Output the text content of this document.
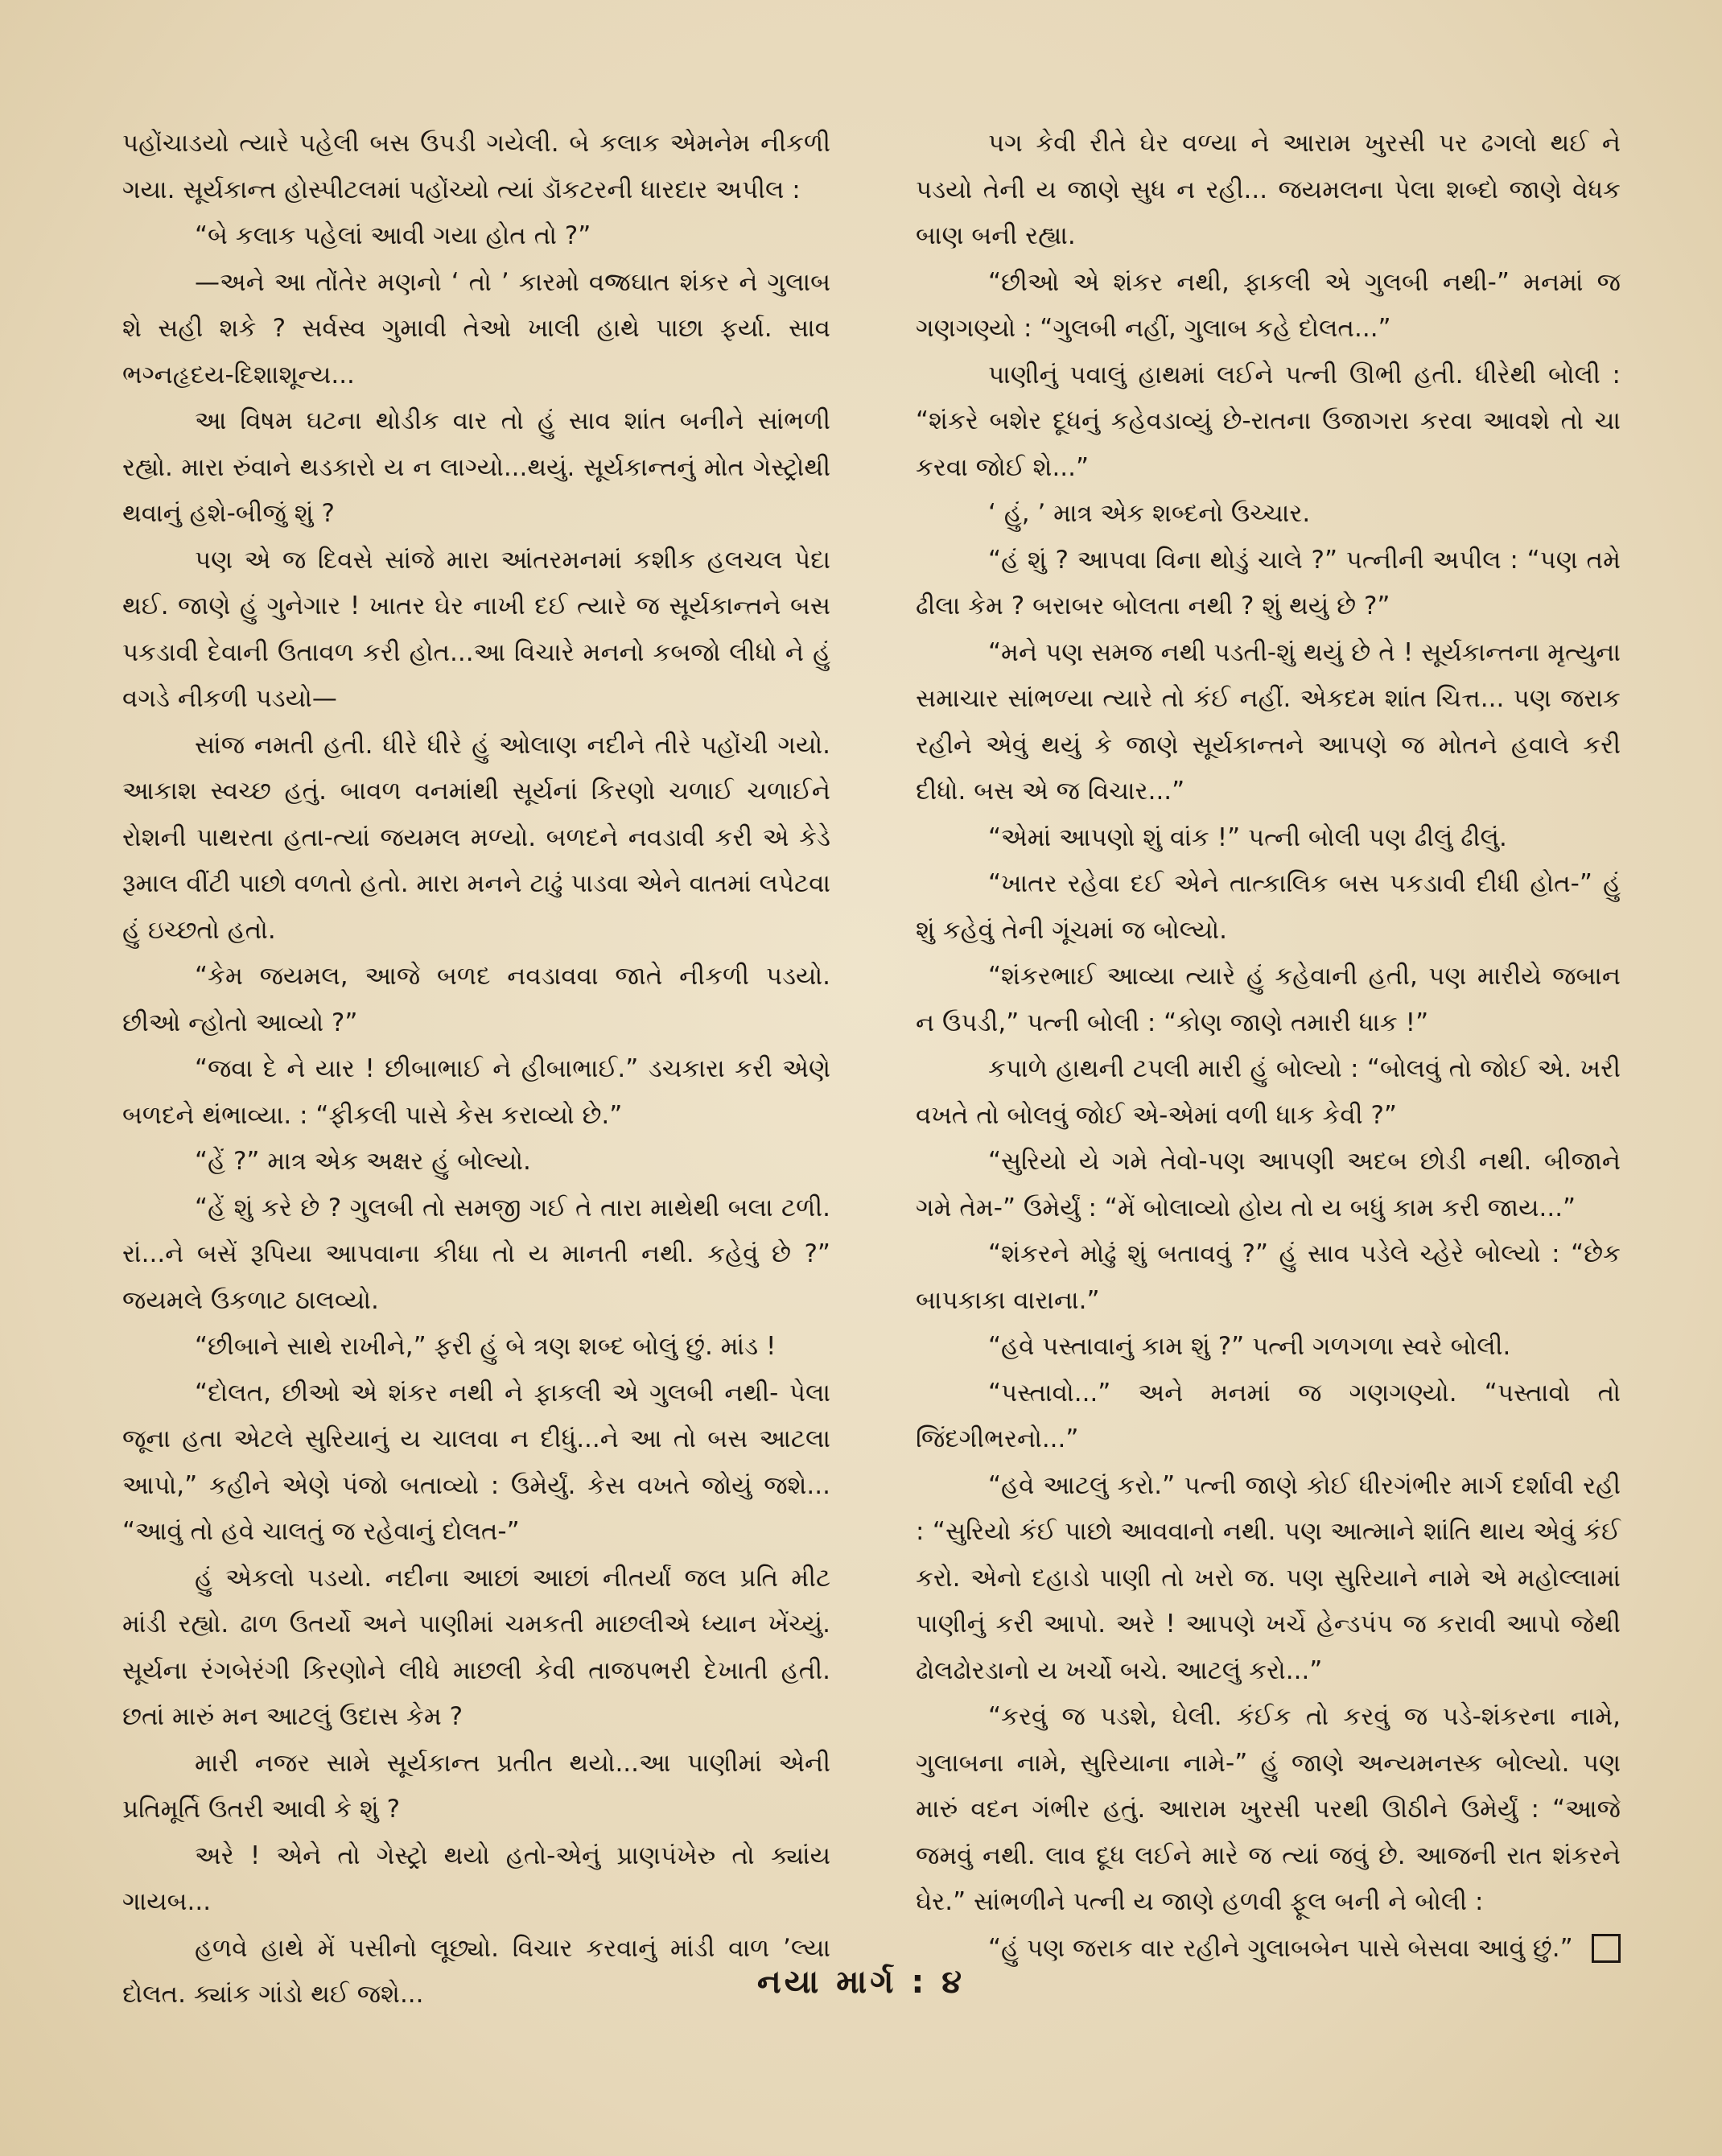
પહોંચાડયો ત્યારે પહેલી બસ ઉપડી ગયેલી. બે કલાક એમનેમ નીકળી ગયા. સૂર્યકાન્ત હોસ્પીટલમાં પહોંચ્યો ત્યાં ડૉકટરની ધારદાર અપીલ :

“બે કલાક પહેલાં આવી ગયા હોત તો ?”

—અને આ તોંતેર મણનો ‘ તો ’ કારમો વજ્રઘાત શંકર ને ગુલાબ શે સહી શકે ? સર્વસ્વ ગુમાવી તેઓ ખાલી હાથે પાછા ફર્યા. સાવ ભગ્નહૃદય-દિશાશૂન્ય...

આ વિષમ ઘટના થોડીક વાર તો હું સાવ શાંત બનીને સાંભળી રહ્યો. મારા રુંવાને થડકારો ય ન લાગ્યો...થયું. સૂર્યકાન્તનું મોત ગેસ્ટ્રોથી થવાનું હશે-બીજું શું ?

પણ એ જ દિવસે સાંજે મારા આંતરમનમાં કશીક હલચલ પેદા થઈ. જાણે હું ગુનેગાર ! ખાતર ઘેર નાખી દઈ ત્યારે જ સૂર્યકાન્તને બસ પકડાવી દેવાની ઉતાવળ કરી હોત...આ વિચારે મનનો કબજો લીધો ને હું વગડે નીકળી પડયો—

સાંજ નમતી હતી. ધીરે ધીરે હું ઓલાણ નદીને તીરે પહોંચી ગયો. આકાશ સ્વચ્છ હતું. બાવળ વનમાંથી સૂર્યનાં કિરણો ચળાઈ ચળાઈને રોશની પાથરતા હતા-ત્યાં જયમલ મળ્યો. બળદને નવડાવી કરી એ કેડે રૂમાલ વીંટી પાછો વળતો હતો. મારા મનને ટાઢું પાડવા એને વાતમાં લપેટવા હું ઇચ્છતો હતો.

“કેમ જયમલ, આજે બળદ નવડાવવા જાતે નીકળી પડયો. છીઓ ન્હોતો આવ્યો ?”

“જવા દે ને યાર ! છીબાભાઈ ને હીબાભાઈ.” ડચકારા કરી એણે બળદને થંભાવ્યા. : “ફીકલી પાસે કેસ કરાવ્યો છે.”

“હેં ?” માત્ર એક અક્ષર હું બોલ્યો.

“હેં શું કરે છે ? ગુલબી તો સમજી ગઈ તે તારા માથેથી બલા ટળી. રાં...ને બસેં રૂપિયા આપવાના કીધા તો ય માનતી નથી. કહેવું છે ?” જયમલે ઉકળાટ ઠાલવ્યો.

“છીબાને સાથે રાખીને,” ફરી હું બે ત્રણ શબ્દ બોલું છું. માંડ !

“દોલત, છીઓ એ શંકર નથી ને ફાકલી એ ગુલબી નથી- પેલા જૂના હતા એટલે સુરિયાનું ય ચાલવા ન દીધું...ને આ તો બસ આટલા આપો,” કહીને એણે પંજો બતાવ્યો : ઉમેર્યું. કેસ વખતે જોયું જશે... “આવું તો હવે ચાલતું જ રહેવાનું દોલત-”

હું એકલો પડયો. નદીના આછાં આછાં નીતર્યાં જલ પ્રતિ મીટ માંડી રહ્યો. ઢાળ ઉતર્યો અને પાણીમાં ચમકતી માછલીએ ધ્યાન ખેંચ્યું. સૂર્યના રંગબેરંગી કિરણોને લીધે માછલી કેવી તાજપભરી દેખાતી હતી. છતાં મારું મન આટલું ઉદાસ કેમ ?

મારી નજર સામે સૂર્યકાન્ત પ્રતીત થયો...આ પાણીમાં એની પ્રતિમૂર્તિ ઉતરી આવી કે શું ?

અરે ! એને તો ગેસ્ટ્રો થયો હતો-એનું પ્રાણપંખેરુ તો ક્યાંય ગાયબ...

હળવે હાથે મેં પસીનો લૂછ્યો. વિચાર કરવાનું માંડી વાળ ’લ્યા દોલત. ક્યાંક ગાંડો થઈ જશે...

પગ કેવી રીતે ઘેર વળ્યા ને આરામ ખુરસી પર ઢગલો થઈ ને પડયો તેની ય જાણે સુધ ન રહી... જયમલના પેલા શબ્દો જાણે વેધક બાણ બની રહ્યા.

“છીઓ એ શંકર નથી, ફાકલી એ ગુલબી નથી-” મનમાં જ ગણગણ્યો : “ગુલબી નહીં, ગુલાબ કહે દોલત...”

પાણીનું પવાલું હાથમાં લઈને પત્ની ઊભી હતી. ધીરેથી બોલી : “શંકરે બશેર દૂધનું કહેવડાવ્યું છે-રાતના ઉજાગરા કરવા આવશે તો ચા કરવા જોઈ શે...”

‘ હું, ’ માત્ર એક શબ્દનો ઉચ્ચાર.

“હં શું ? આપવા વિના થોડું ચાલે ?” પત્નીની અપીલ : “પણ તમે ઢીલા કેમ ? બરાબર બોલતા નથી ? શું થયું છે ?”

“મને પણ સમજ નથી પડતી-શું થયું છે તે ! સૂર્યકાન્તના મૃત્યુના સમાચાર સાંભળ્યા ત્યારે તો કંઈ નહીં. એકદમ શાંત ચિત્ત... પણ જરાક રહીને એવું થયું કે જાણે સૂર્યકાન્તને આપણે જ મોતને હવાલે કરી દીધો. બસ એ જ વિચાર...”

“એમાં આપણો શું વાંક !” પત્ની બોલી પણ ઢીલું ઢીલું.

“ખાતર રહેવા દઈ એને તાત્કાલિક બસ પકડાવી દીધી હોત-” હું શું કહેવું તેની ગૂંચમાં જ બોલ્યો.

“શંકરભાઈ આવ્યા ત્યારે હું કહેવાની હતી, પણ મારીયે જબાન ન ઉપડી,” પત્ની બોલી : “કોણ જાણે તમારી ધાક !”

કપાળે હાથની ટપલી મારી હું બોલ્યો : “બોલવું તો જોઈ એ. ખરી વખતે તો બોલવું જોઈ એ-એમાં વળી ધાક કેવી ?”

“સુરિયો યે ગમે તેવો-પણ આપણી અદબ છોડી નથી. બીજાને ગમે તેમ-” ઉમેર્યું : “મેં બોલાવ્યો હોય તો ય બધું કામ કરી જાય...”

“શંકરને મોઢું શું બતાવવું ?” હું સાવ પડેલે ચ્હેરે બોલ્યો : “છેક બાપકાકા વારાના.”

“હવે પસ્તાવાનું કામ શું ?” પત્ની ગળગળા સ્વરે બોલી.

“પસ્તાવો...” અને મનમાં જ ગણગણ્યો. “પસ્તાવો તો જિંદગીભરનો...”

“હવે આટલું કરો.” પત્ની જાણે કોઈ ધીરગંભીર માર્ગ દર્શાવી રહી : “સુરિયો કંઈ પાછો આવવાનો નથી. પણ આત્માને શાંતિ થાય એવું કંઈ કરો. એનો દહાડો પાણી તો ખરો જ. પણ સુરિયાને નામે એ મહોલ્લામાં પાણીનું કરી આપો. અરે ! આપણે ખર્ચે હેન્ડપંપ જ કરાવી આપો જેથી ઢોલઢોરડાનો ય ખર્ચો બચે. આટલું કરો...”

“કરવું જ પડશે, ઘેલી. કંઈક તો કરવું જ પડે-શંકરના નામે, ગુલાબના નામે, સુરિયાના નામે-” હું જાણે અન્યમનસ્ક બોલ્યો. પણ મારું વદન ગંભીર હતું. આરામ ખુરસી પરથી ઊઠીને ઉમેર્યું : “આજે જમવું નથી. લાવ દૂધ લઈને મારે જ ત્યાં જવું છે. આજની રાત શંકરને ઘેર.” સાંભળીને પત્ની ય જાણે હળવી ફૂલ બની ને બોલી :

“હું પણ જરાક વાર રહીને ગુલાબબેન પાસે બેસવા આવું છું.”

નયા માર્ગ : ૪
